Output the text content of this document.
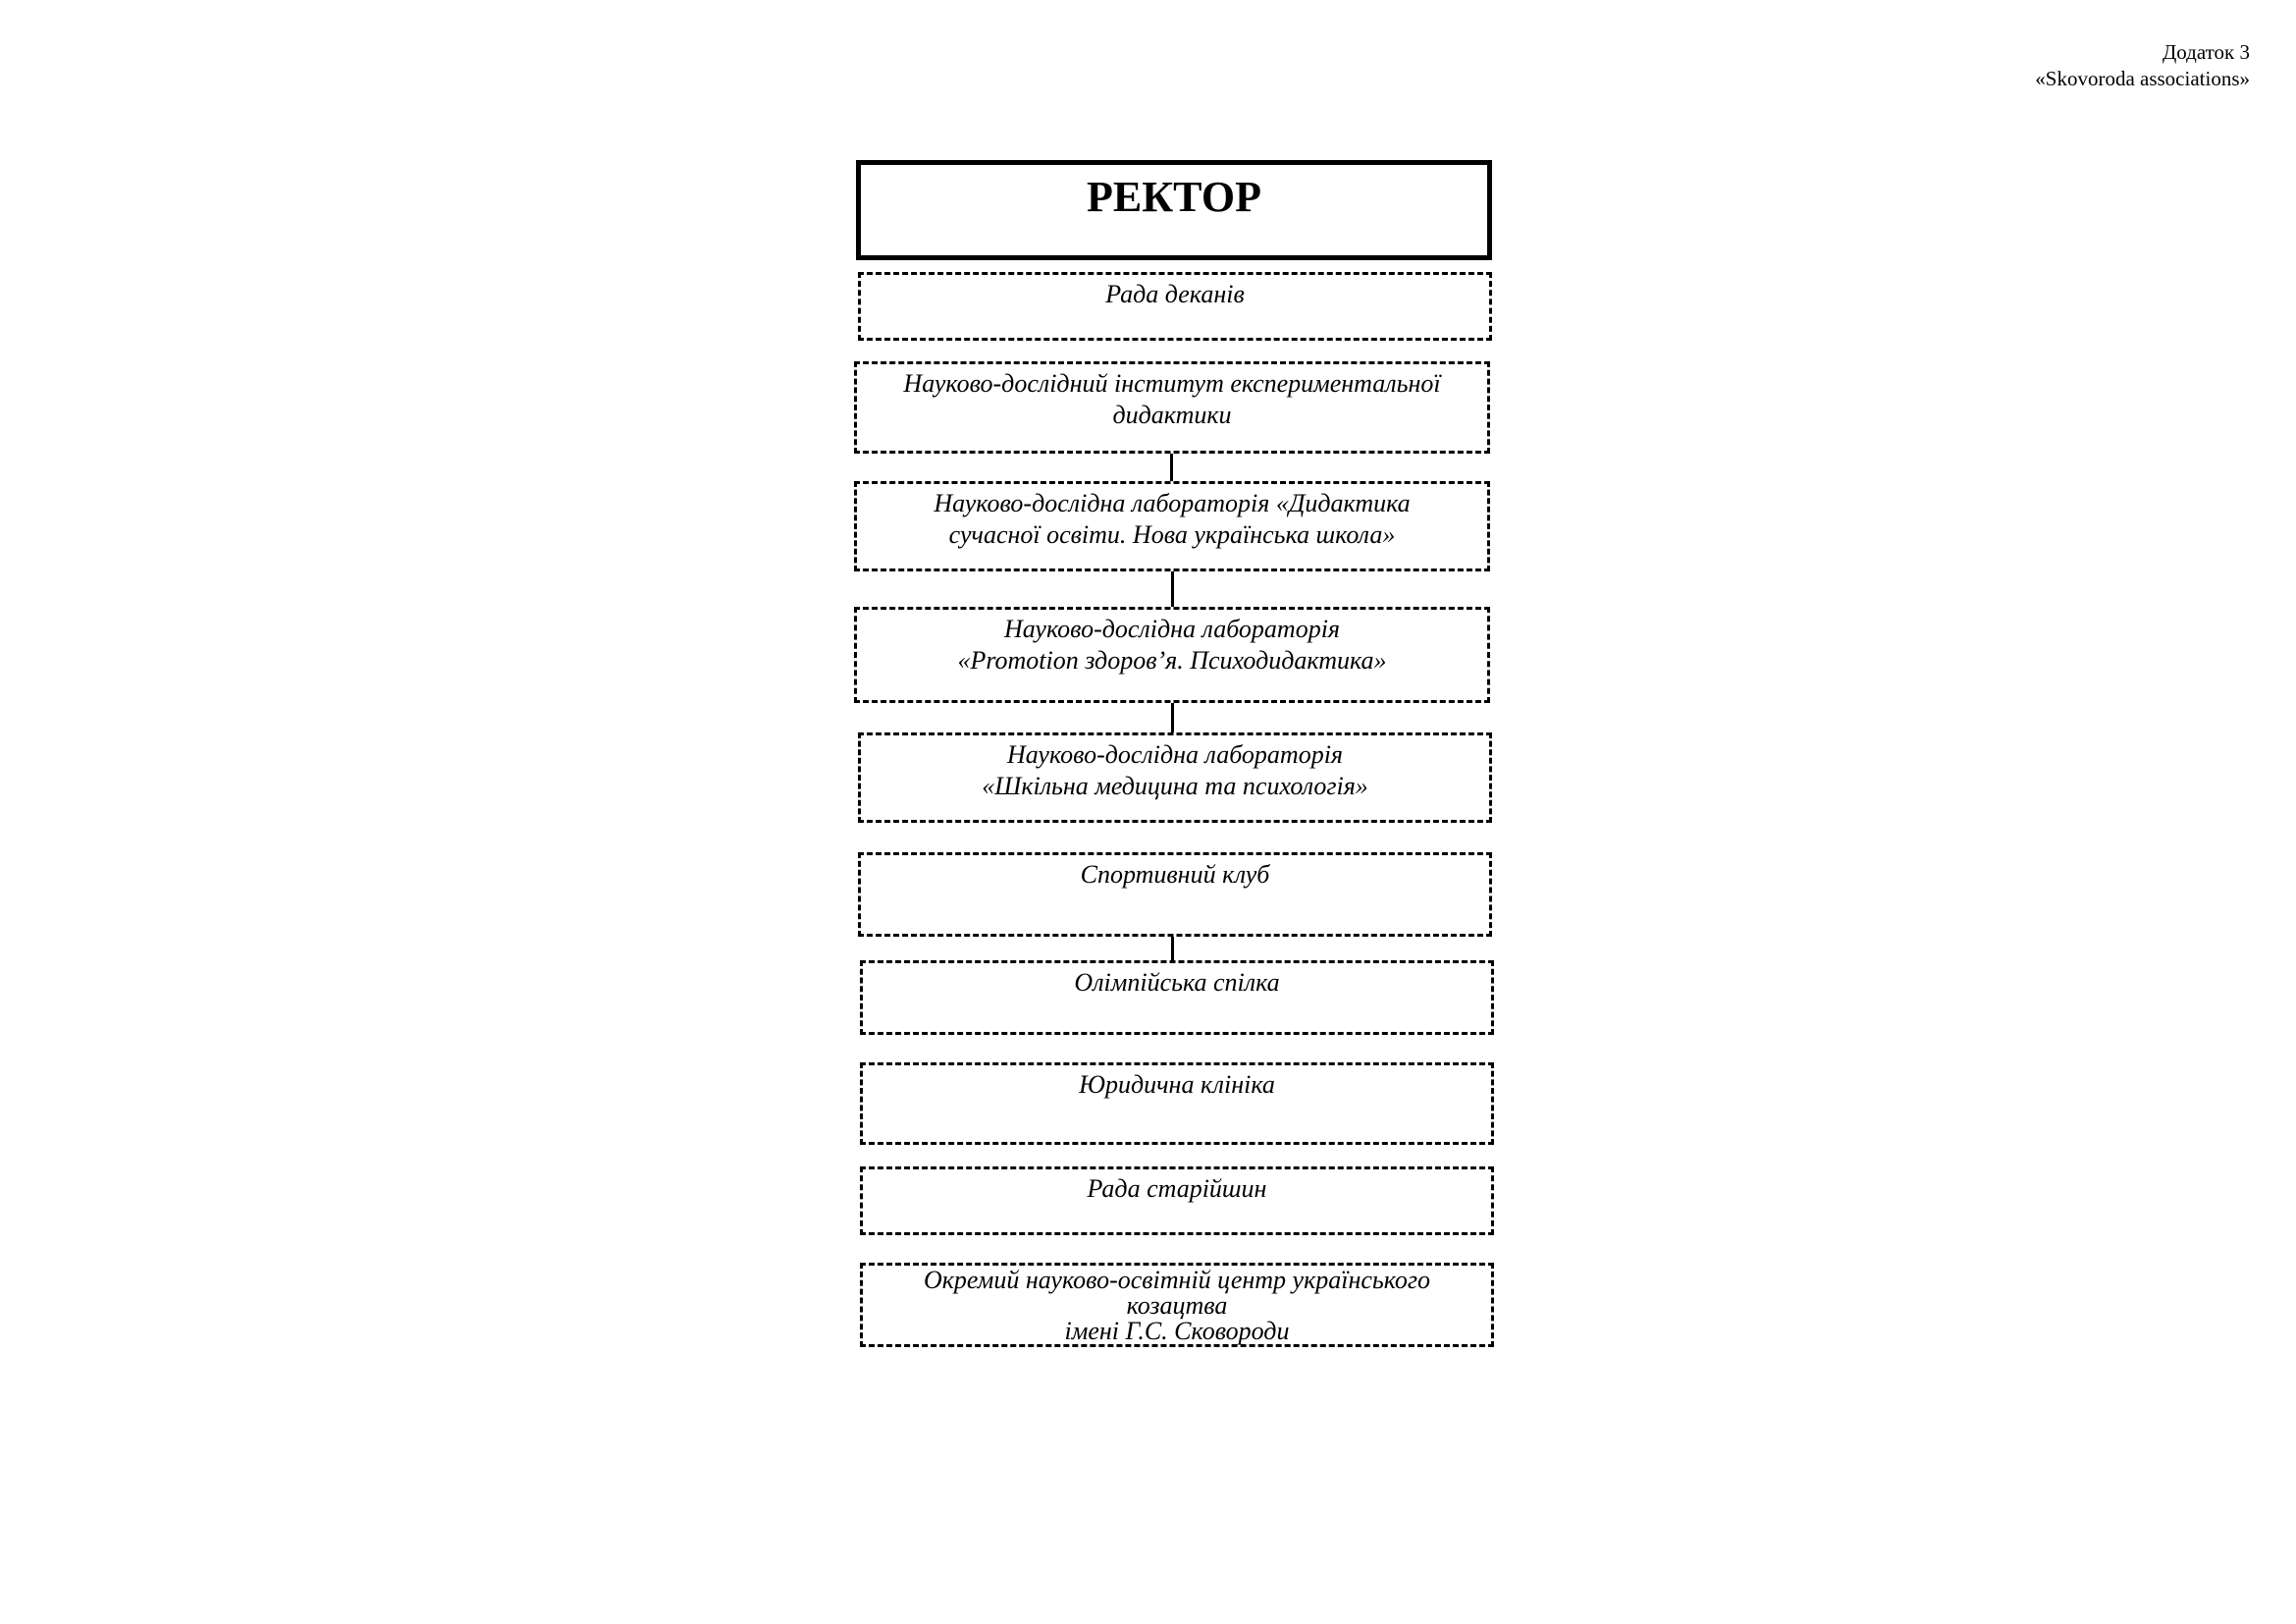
Додаток 3
«Skovoroda associations»
РЕКТОР
Рада деканів
Науково-дослідний інститут експериментальної
дидактики
Науково-дослідна лабораторія «Дидактика
сучасної освіти. Нова українська школа»
Науково-дослідна лабораторія
«Promotion здоров’я. Психодидактика»
Науково-дослідна лабораторія
«Шкільна медицина та психологія»
Спортивний клуб
Олімпійська спілка
Юридична клініка
Рада старійшин
Окремий науково-освітній центр українського
козацтва
імені Г.С. Сковороди
